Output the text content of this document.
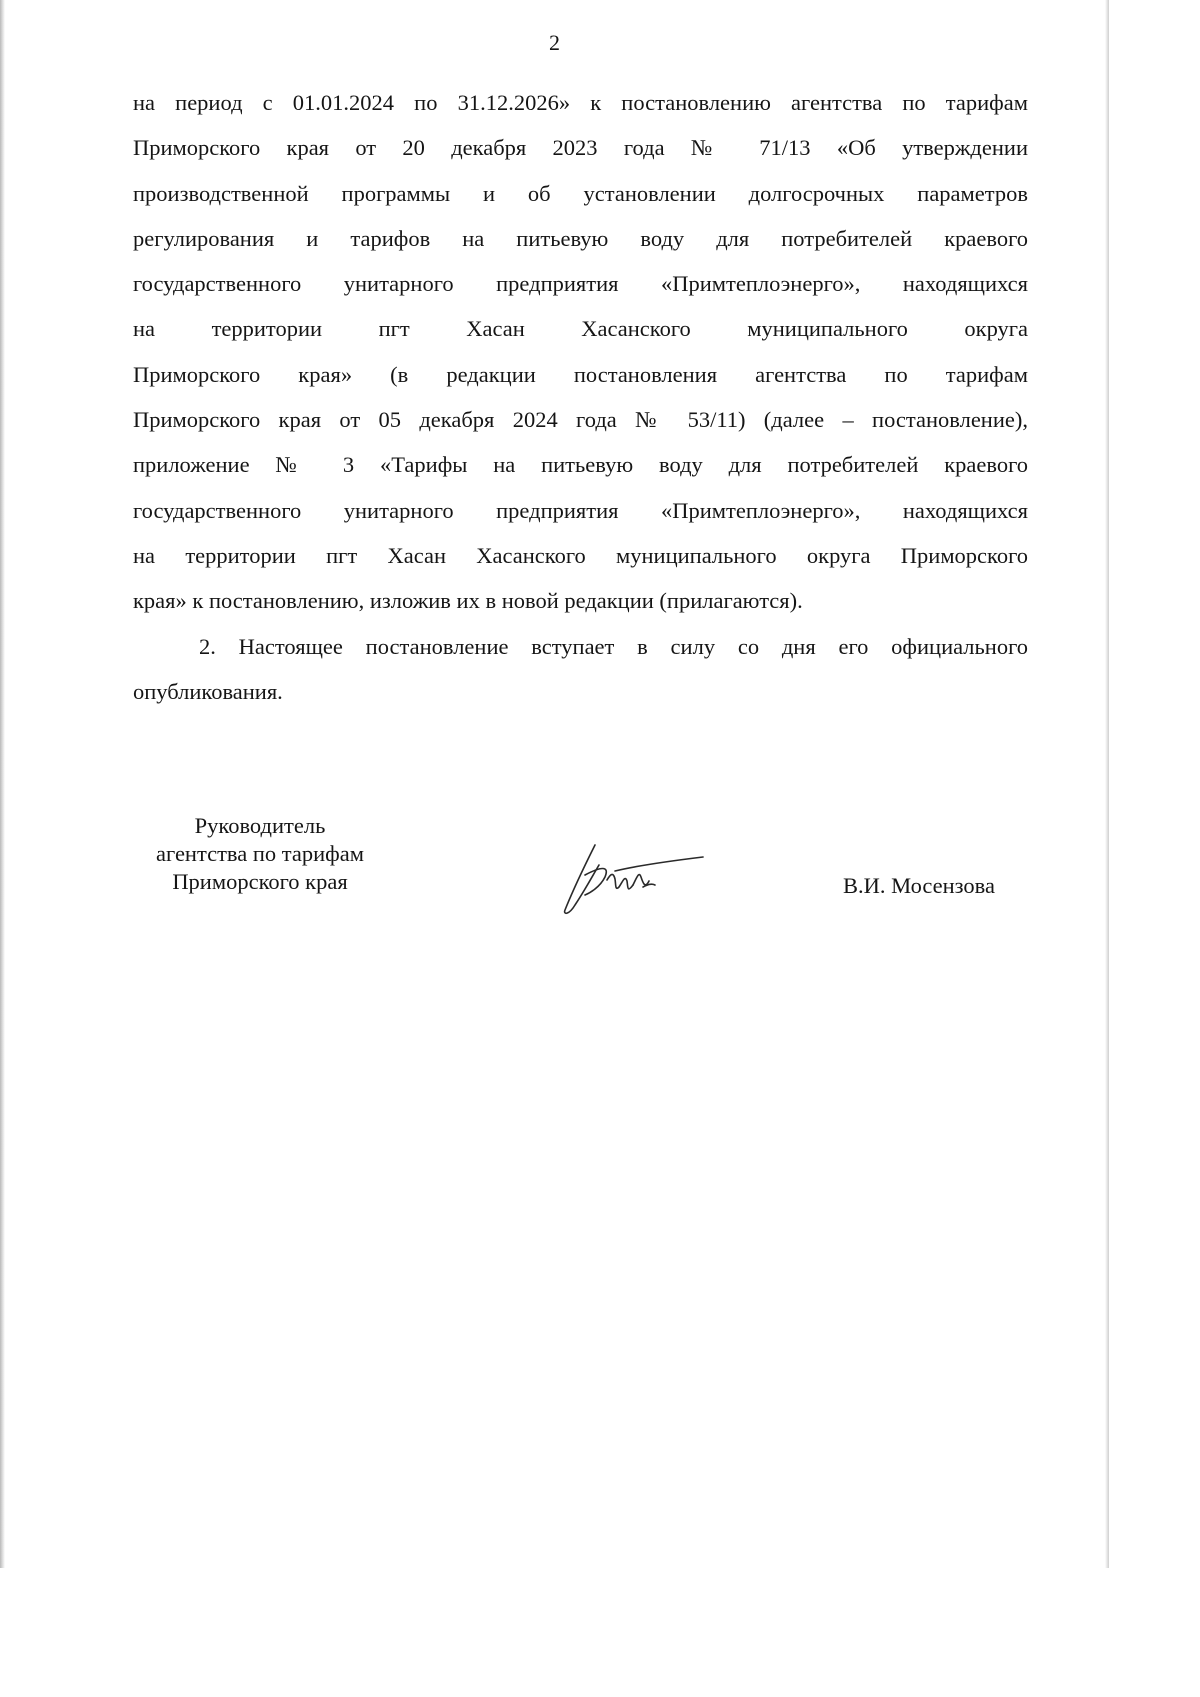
2
на период с 01.01.2024 по 31.12.2026» к постановлению агентства по тарифам
Приморского края от 20 декабря 2023 года № 71/13 «Об утверждении
производственной программы и об установлении долгосрочных параметров
регулирования и тарифов на питьевую воду для потребителей краевого
государственного унитарного предприятия «Примтеплоэнерго», находящихся
на территории пгт Хасан Хасанского муниципального округа
Приморского края» (в редакции постановления агентства по тарифам
Приморского края от 05 декабря 2024 года № 53/11) (далее – постановление),
приложение № 3 «Тарифы на питьевую воду для потребителей краевого
государственного унитарного предприятия «Примтеплоэнерго», находящихся
на территории пгт Хасан Хасанского муниципального округа Приморского
края» к постановлению, изложив их в новой редакции (прилагаются).
2. Настоящее постановление вступает в силу со дня его официального
опубликования.
Руководитель
агентства по тарифам
Приморского края	В.И. Мосензова
